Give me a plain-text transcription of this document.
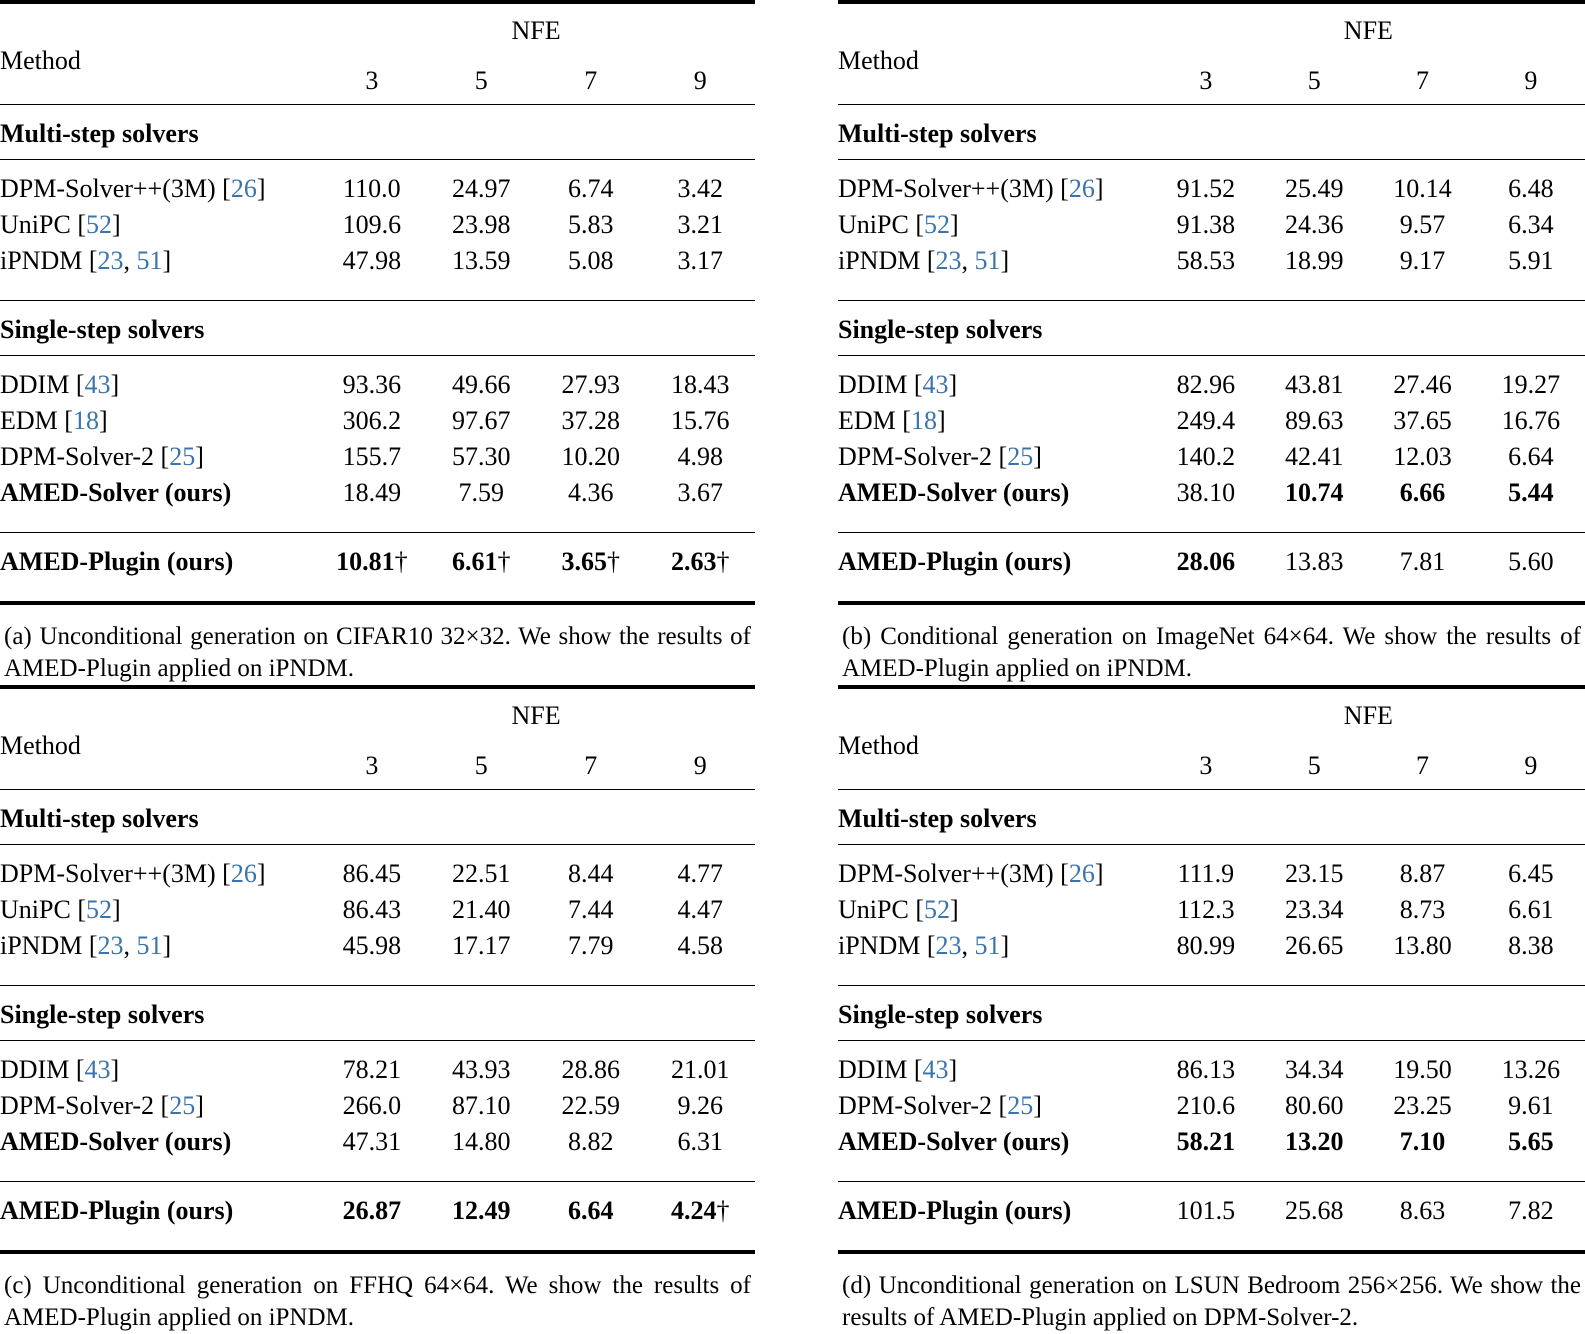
Method	NFE			
	3	5	7	9

Multi-step solvers				

DPM-Solver++(3M) [26]	110.0	24.97	6.74	3.42
UniPC [52]	109.6	23.98	5.83	3.21
iPNDM [23, 51]	47.98	13.59	5.08	3.17

Single-step solvers				

DDIM [43]	93.36	49.66	27.93	18.43
EDM [18]	306.2	97.67	37.28	15.76
DPM-Solver-2 [25]	155.7	57.30	10.20	4.98
AMED-Solver (ours)	18.49	7.59	4.36	3.67

AMED-Plugin (ours)	10.81†	6.61†	3.65†	2.63†

(a) Unconditional generation on CIFAR10 32×32. We show the results of AMED-Plugin applied on iPNDM.

Method	NFE			
	3	5	7	9

Multi-step solvers				

DPM-Solver++(3M) [26]	91.52	25.49	10.14	6.48
UniPC [52]	91.38	24.36	9.57	6.34
iPNDM [23, 51]	58.53	18.99	9.17	5.91

Single-step solvers				

DDIM [43]	82.96	43.81	27.46	19.27
EDM [18]	249.4	89.63	37.65	16.76
DPM-Solver-2 [25]	140.2	42.41	12.03	6.64
AMED-Solver (ours)	38.10	10.74	6.66	5.44

AMED-Plugin (ours)	28.06	13.83	7.81	5.60

(b) Conditional generation on ImageNet 64×64. We show the results of AMED-Plugin applied on iPNDM.

Method	NFE			
	3	5	7	9

Multi-step solvers				

DPM-Solver++(3M) [26]	86.45	22.51	8.44	4.77
UniPC [52]	86.43	21.40	7.44	4.47
iPNDM [23, 51]	45.98	17.17	7.79	4.58

Single-step solvers				

DDIM [43]	78.21	43.93	28.86	21.01
DPM-Solver-2 [25]	266.0	87.10	22.59	9.26
AMED-Solver (ours)	47.31	14.80	8.82	6.31

AMED-Plugin (ours)	26.87	12.49	6.64	4.24†

(c) Unconditional generation on FFHQ 64×64. We show the results of AMED-Plugin applied on iPNDM.

Method	NFE			
	3	5	7	9

Multi-step solvers				

DPM-Solver++(3M) [26]	111.9	23.15	8.87	6.45
UniPC [52]	112.3	23.34	8.73	6.61
iPNDM [23, 51]	80.99	26.65	13.80	8.38

Single-step solvers				

DDIM [43]	86.13	34.34	19.50	13.26
DPM-Solver-2 [25]	210.6	80.60	23.25	9.61
AMED-Solver (ours)	58.21	13.20	7.10	5.65

AMED-Plugin (ours)	101.5	25.68	8.63	7.82

(d) Unconditional generation on LSUN Bedroom 256×256. We show the results of AMED-Plugin applied on DPM-Solver-2.
